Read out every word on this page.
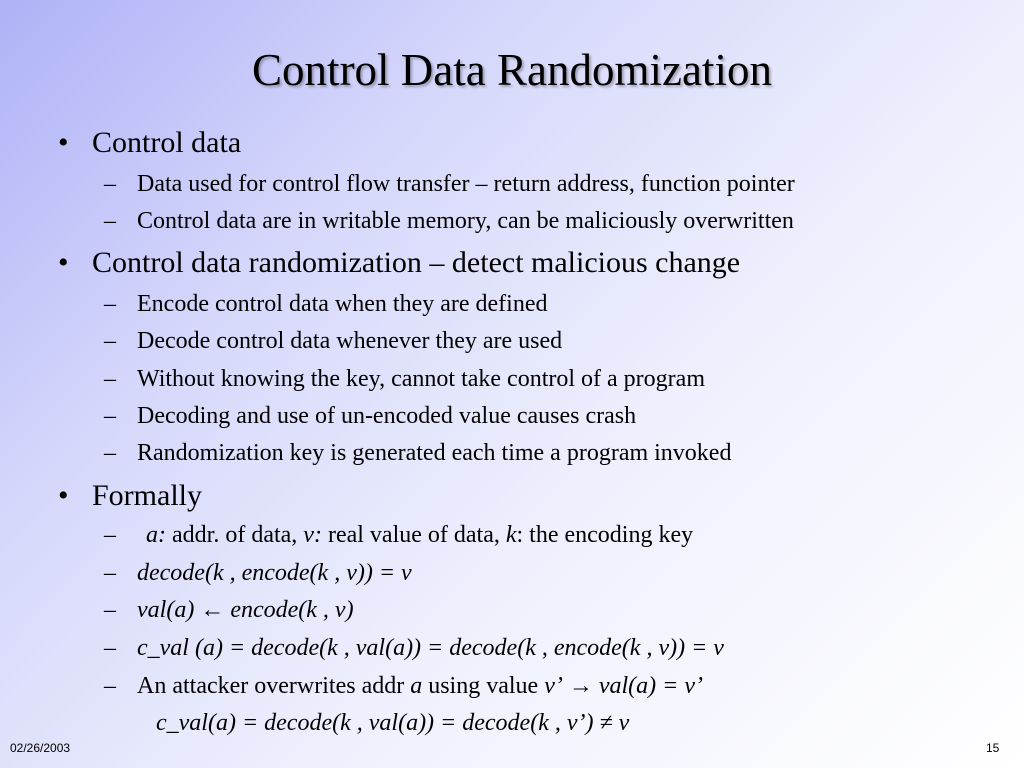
Control Data Randomization
• Control data
– Data used for control flow transfer – return address, function pointer
– Control data are in writable memory, can be maliciously overwritten
• Control data randomization – detect malicious change
– Encode control data when they are defined
– Decode control data whenever they are used
– Without knowing the key, cannot take control of a program
– Decoding and use of un-encoded value causes crash
– Randomization key is generated each time a program invoked
• Formally
– a: addr. of data, v: real value of data, k: the encoding key
– decode(k , encode(k , v)) = v
– val(a) ← encode(k , v)
– c_val (a) = decode(k , val(a)) = decode(k , encode(k , v)) = v
– An attacker overwrites addr a using value v’ → val(a) = v’
c_val(a) = decode(k , val(a)) = decode(k , v’) ≠ v
02/26/2003	15
